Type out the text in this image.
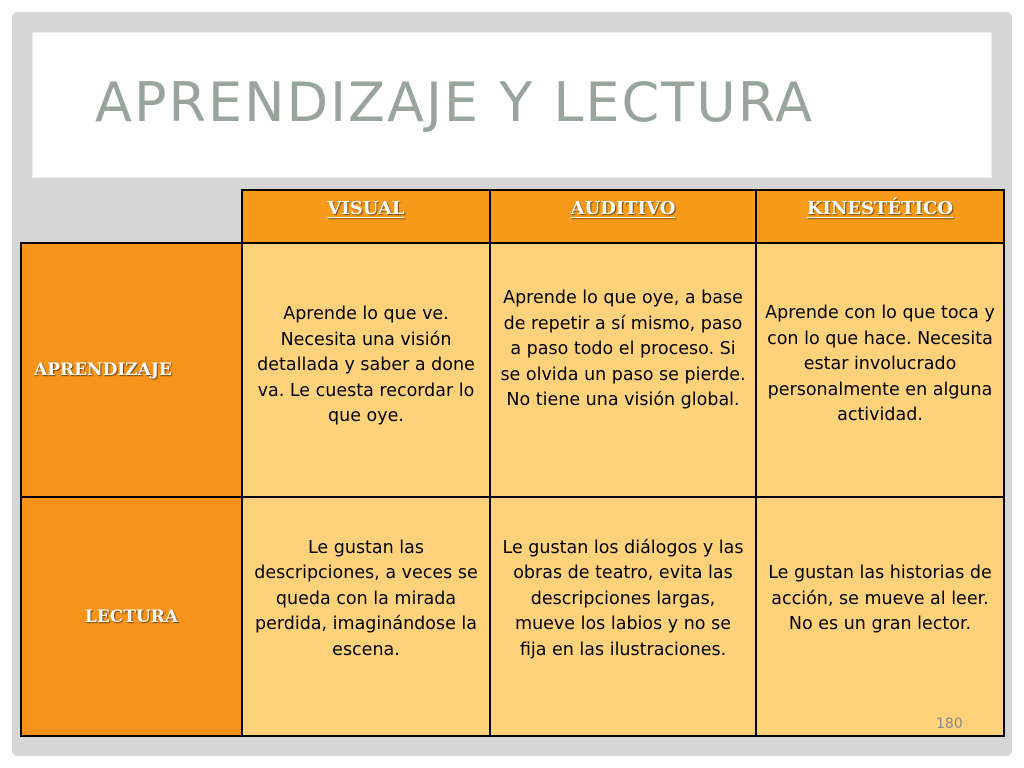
APRENDIZAJE Y LECTURA
VISUAL	AUDITIVO	KINESTÉTICO
APRENDIZAJE
Aprende lo que ve. Necesita una visión detallada y saber a done va. Le cuesta recordar lo que oye.
Aprende lo que oye, a base de repetir a sí mismo, paso a paso todo el proceso. Si se olvida un paso se pierde. No tiene una visión global.
Aprende con lo que toca y con lo que hace. Necesita estar involucrado personalmente en alguna actividad.
LECTURA
Le gustan las descripciones, a veces se queda con la mirada perdida, imaginándose la escena.
Le gustan los diálogos y las obras de teatro, evita las descripciones largas, mueve los labios y no se fija en las ilustraciones.
Le gustan las historias de acción, se mueve al leer. No es un gran lector.
180
